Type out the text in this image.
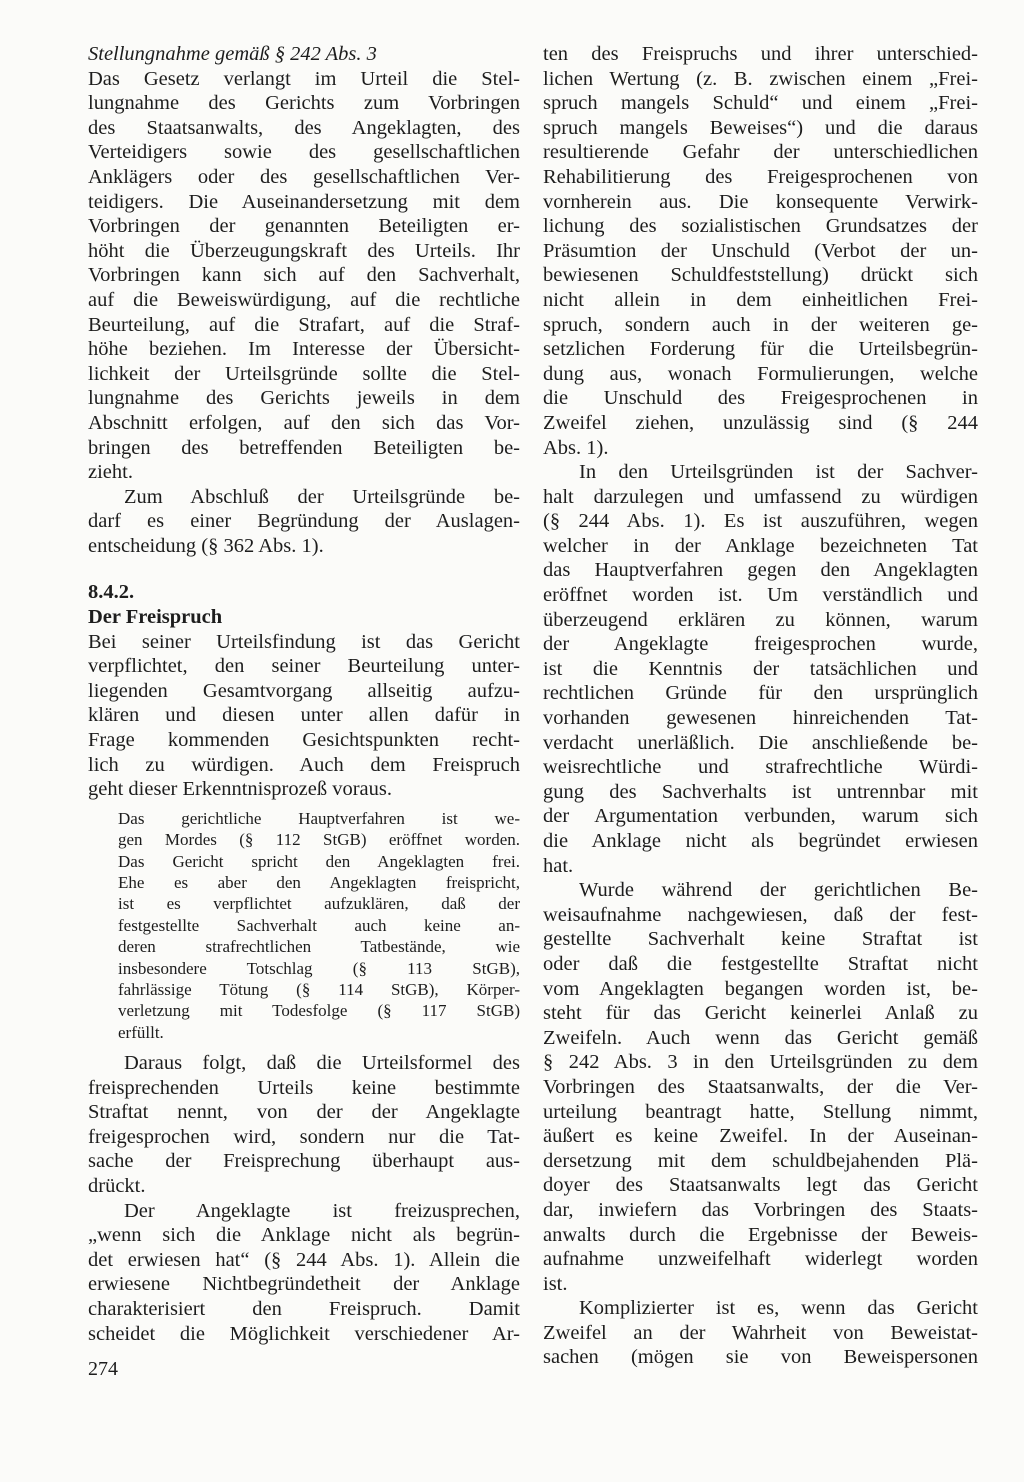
Stellungnahme gemäß § 242 Abs. 3
Das Gesetz verlangt im Urteil die Stel-
lungnahme des Gerichts zum Vorbringen
des Staatsanwalts, des Angeklagten, des
Verteidigers sowie des gesellschaftlichen
Anklägers oder des gesellschaftlichen Ver-
teidigers. Die Auseinandersetzung mit dem
Vorbringen der genannten Beteiligten er-
höht die Überzeugungskraft des Urteils. Ihr
Vorbringen kann sich auf den Sachverhalt,
auf die Beweiswürdigung, auf die rechtliche
Beurteilung, auf die Strafart, auf die Straf-
höhe beziehen. Im Interesse der Übersicht-
lichkeit der Urteilsgründe sollte die Stel-
lungnahme des Gerichts jeweils in dem
Abschnitt erfolgen, auf den sich das Vor-
bringen des betreffenden Beteiligten be-
zieht.
Zum Abschluß der Urteilsgründe be-
darf es einer Begründung der Auslagen-
entscheidung (§ 362 Abs. 1).
8.4.2.
Der Freispruch
Bei seiner Urteilsfindung ist das Gericht
verpflichtet, den seiner Beurteilung unter-
liegenden Gesamtvorgang allseitig aufzu-
klären und diesen unter allen dafür in
Frage kommenden Gesichtspunkten recht-
lich zu würdigen. Auch dem Freispruch
geht dieser Erkenntnisprozeß voraus.
Das gerichtliche Hauptverfahren ist we-
gen Mordes (§ 112 StGB) eröffnet worden.
Das Gericht spricht den Angeklagten frei.
Ehe es aber den Angeklagten freispricht,
ist es verpflichtet aufzuklären, daß der
festgestellte Sachverhalt auch keine an-
deren strafrechtlichen Tatbestände, wie
insbesondere Totschlag (§ 113 StGB),
fahrlässige Tötung (§ 114 StGB), Körper-
verletzung mit Todesfolge (§ 117 StGB)
erfüllt.
Daraus folgt, daß die Urteilsformel des
freisprechenden Urteils keine bestimmte
Straftat nennt, von der der Angeklagte
freigesprochen wird, sondern nur die Tat-
sache der Freisprechung überhaupt aus-
drückt.
Der Angeklagte ist freizusprechen,
„wenn sich die Anklage nicht als begrün-
det erwiesen hat“ (§ 244 Abs. 1). Allein die
erwiesene Nichtbegründetheit der Anklage
charakterisiert den Freispruch. Damit
scheidet die Möglichkeit verschiedener Ar-
ten des Freispruchs und ihrer unterschied-
lichen Wertung (z. B. zwischen einem „Frei-
spruch mangels Schuld“ und einem „Frei-
spruch mangels Beweises“) und die daraus
resultierende Gefahr der unterschiedlichen
Rehabilitierung des Freigesprochenen von
vornherein aus. Die konsequente Verwirk-
lichung des sozialistischen Grundsatzes der
Präsumtion der Unschuld (Verbot der un-
bewiesenen Schuldfeststellung) drückt sich
nicht allein in dem einheitlichen Frei-
spruch, sondern auch in der weiteren ge-
setzlichen Forderung für die Urteilsbegrün-
dung aus, wonach Formulierungen, welche
die Unschuld des Freigesprochenen in
Zweifel ziehen, unzulässig sind (§ 244
Abs. 1).
In den Urteilsgründen ist der Sachver-
halt darzulegen und umfassend zu würdigen
(§ 244 Abs. 1). Es ist auszuführen, wegen
welcher in der Anklage bezeichneten Tat
das Hauptverfahren gegen den Angeklagten
eröffnet worden ist. Um verständlich und
überzeugend erklären zu können, warum
der Angeklagte freigesprochen wurde,
ist die Kenntnis der tatsächlichen und
rechtlichen Gründe für den ursprünglich
vorhanden gewesenen hinreichenden Tat-
verdacht unerläßlich. Die anschließende be-
weisrechtliche und strafrechtliche Würdi-
gung des Sachverhalts ist untrennbar mit
der Argumentation verbunden, warum sich
die Anklage nicht als begründet erwiesen
hat.
Wurde während der gerichtlichen Be-
weisaufnahme nachgewiesen, daß der fest-
gestellte Sachverhalt keine Straftat ist
oder daß die festgestellte Straftat nicht
vom Angeklagten begangen worden ist, be-
steht für das Gericht keinerlei Anlaß zu
Zweifeln. Auch wenn das Gericht gemäß
§ 242 Abs. 3 in den Urteilsgründen zu dem
Vorbringen des Staatsanwalts, der die Ver-
urteilung beantragt hatte, Stellung nimmt,
äußert es keine Zweifel. In der Auseinan-
dersetzung mit dem schuldbejahenden Plä-
doyer des Staatsanwalts legt das Gericht
dar, inwiefern das Vorbringen des Staats-
anwalts durch die Ergebnisse der Beweis-
aufnahme unzweifelhaft widerlegt worden
ist.
Komplizierter ist es, wenn das Gericht
Zweifel an der Wahrheit von Beweistat-
sachen (mögen sie von Beweispersonen
274
